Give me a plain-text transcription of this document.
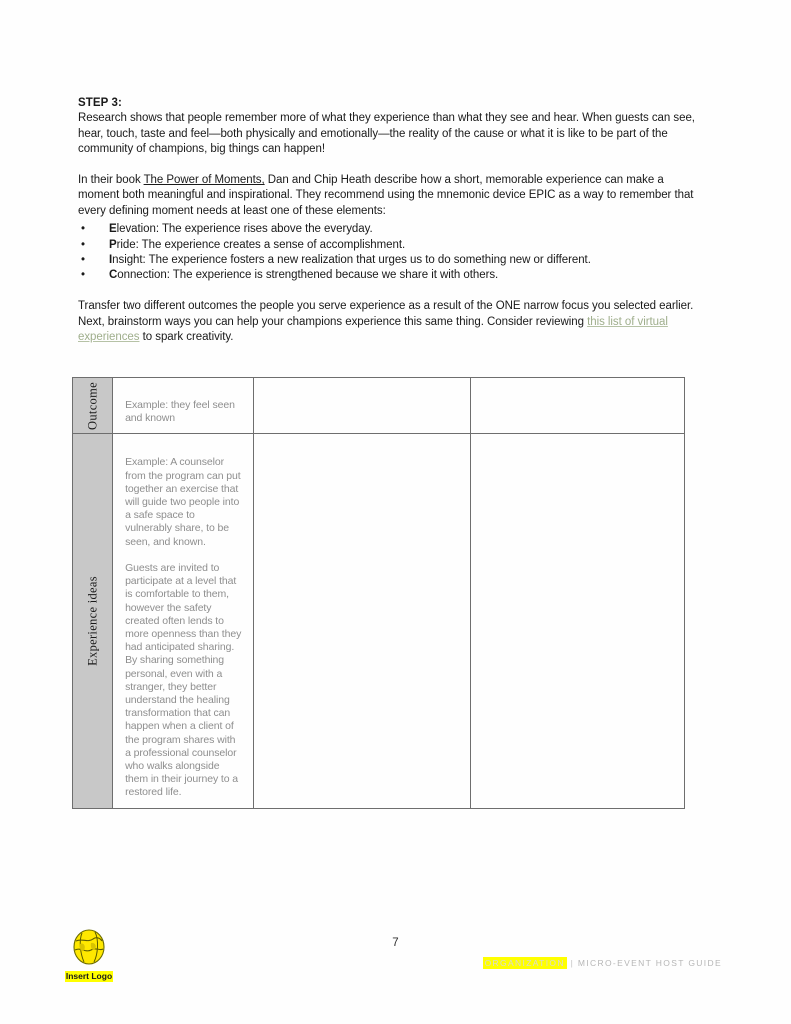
STEP 3:

Research shows that people remember more of what they experience than what they see and hear. When guests can see, hear, touch, taste and feel—both physically and emotionally—the reality of the cause or what it is like to be part of the community of champions, big things can happen!

In their book The Power of Moments, Dan and Chip Heath describe how a short, memorable experience can make a moment both meaningful and inspirational. They recommend using the mnemonic device EPIC as a way to remember that every defining moment needs at least one of these elements:

• Elevation: The experience rises above the everyday.
• Pride: The experience creates a sense of accomplishment.
• Insight: The experience fosters a new realization that urges us to do something new or different.
• Connection: The experience is strengthened because we share it with others.

Transfer two different outcomes the people you serve experience as a result of the ONE narrow focus you selected earlier. Next, brainstorm ways you can help your champions experience this same thing. Consider reviewing this list of virtual experiences to spark creativity.

Outcome	Example: they feel seen and known		

Experience ideas	Example: A counselor from the program can put together an exercise that will guide two people into a safe space to vulnerably share, to be seen, and known.

Guests are invited to participate at a level that is comfortable to them, however the safety created often lends to more openness than they had anticipated sharing. By sharing something personal, even with a stranger, they better understand the healing transformation that can happen when a client of the program shares with a professional counselor who walks alongside them in their journey to a restored life.		

Insert Logo
7
ORGANIZATION | MICRO-EVENT HOST GUIDE
